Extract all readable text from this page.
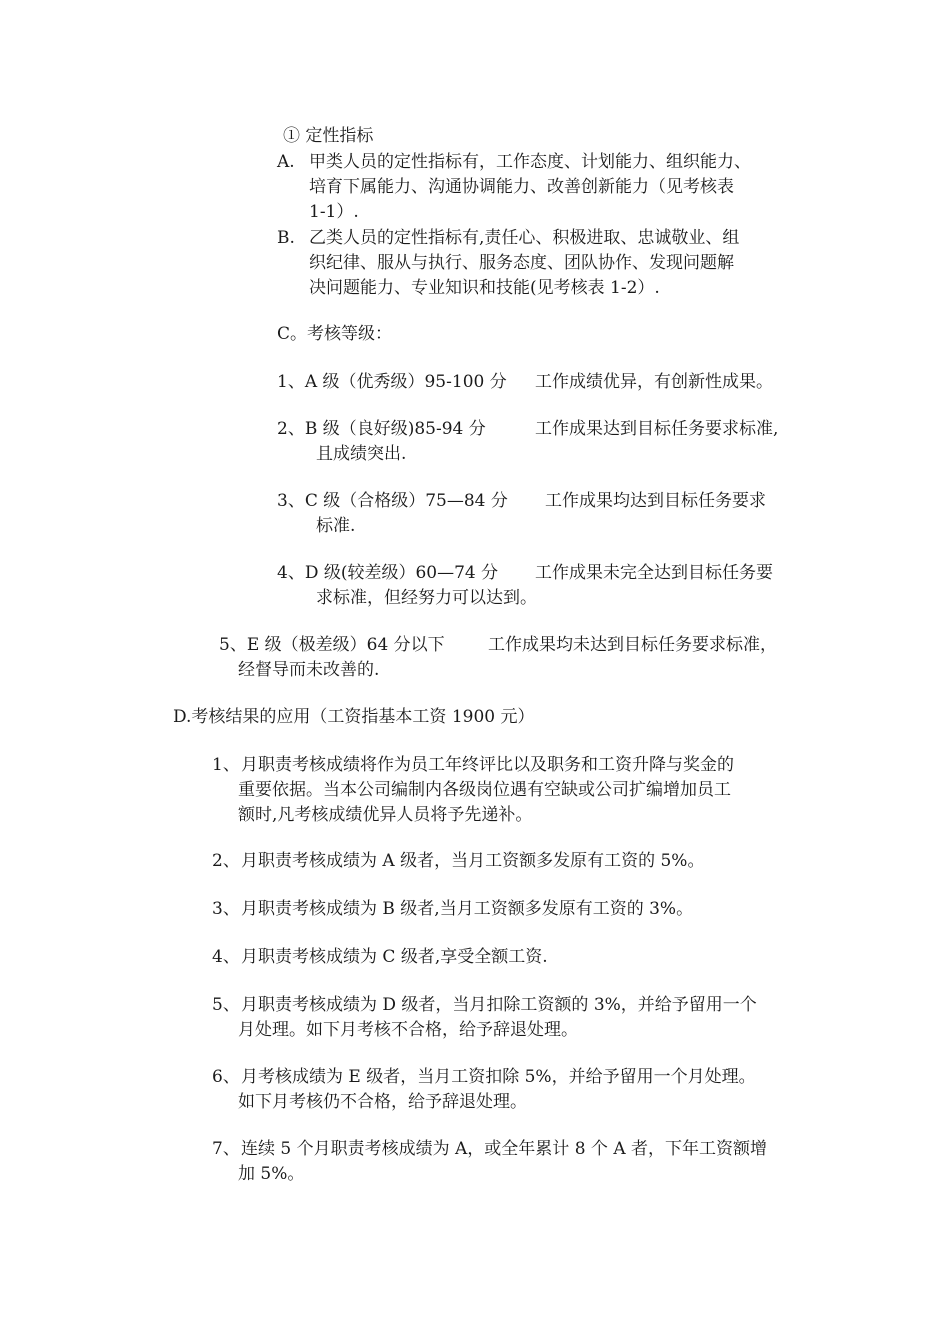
① 定性指标
A. 甲类人员的定性指标有，工作态度、计划能力、组织能力、
培育下属能力、沟通协调能力、改善创新能力（见考核表
1-1）.
B. 乙类人员的定性指标有,责任心、积极进取、忠诚敬业、组
织纪律、服从与执行、服务态度、团队协作、发现问题解
决问题能力、专业知识和技能(见考核表 1-2）.
C。考核等级：
1、A 级（优秀级）95-100 分 工作成绩优异，有创新性成果。
2、B 级（良好级)85-94 分	工作成果达到目标任务要求标准,
且成绩突出.
3、C 级（合格级）75—84 分 工作成果均达到目标任务要求
标准.
4、D 级(较差级）60—74 分 工作成果未完全达到目标任务要
求标准，但经努力可以达到。
5、E 级（极差级）64 分以下	工作成果均未达到目标任务要求标准，
经督导而未改善的.
D.考核结果的应用（工资指基本工资 1900 元）
1、 月职责考核成绩将作为员工年终评比以及职务和工资升降与奖金的
重要依据。当本公司编制内各级岗位遇有空缺或公司扩编增加员工
额时,凡考核成绩优异人员将予先递补。
2、 月职责考核成绩为 A 级者，当月工资额多发原有工资的 5%。
3、 月职责考核成绩为 B 级者,当月工资额多发原有工资的 3%。
4、 月职责考核成绩为 C 级者,享受全额工资.
5、 月职责考核成绩为 D 级者，当月扣除工资额的 3%，并给予留用一个
月处理。如下月考核不合格，给予辞退处理。
6、 月考核成绩为 E 级者，当月工资扣除 5%，并给予留用一个月处理。
如下月考核仍不合格，给予辞退处理。
7、 连续 5 个月职责考核成绩为 A，或全年累计 8 个 A 者，下年工资额增
加 5%。
